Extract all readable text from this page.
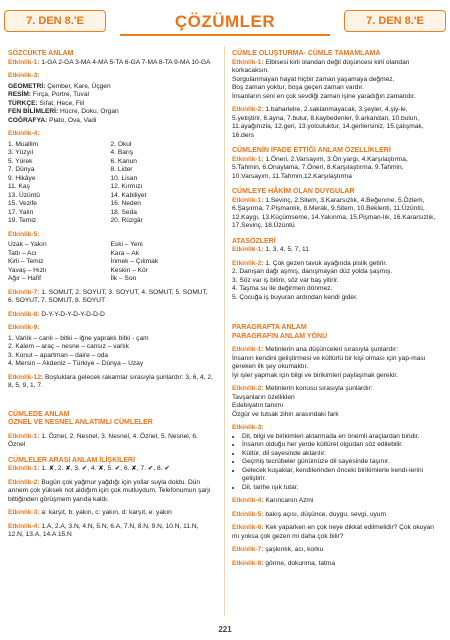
7. DEN 8.'E	ÇÖZÜMLER	7. DEN 8.'E
SÖZCÜKTE ANLAM

Etkinlik-1: 1-GA 2-GA 3-MA 4-MA 5-TA 6-GA 7-MA 8-TA 9-MA 10-GA

Etkinlik-3:

GEOMETRİ: Çember, Kare, Üçgen

RESİM: Fırça, Portre, Tuval

TÜRKÇE: Sıfat, Hece, Fiil

FEN BİLİMLERİ: Hücre, Doku, Organ

COĞRAFYA: Plato, Ova, Vadi

Etkinlik-4:

1. Muallim
3. Yüzyıl
5. Yürek
7. Dünya
9. Hikâye
11. Kaş
13. Üzüntü
15. Vezife
17. Yalın
19. Temiz
2. Okul
4. Barış
6. Kanun
8. Lider
10. Lisan
12. Kırmızı
14. Kabiliyet
16. Neden
18. Seda
20. Rüzgâr

Etkinlik-5:

Uzak – Yakın
Tatlı – Acı
Kirli – Temiz
Yavaş – Hızlı
Ağır – Hafif
Eski – Yeni
Kara – Ak
İnmek – Çıkmak
Keskin – Kör
İlk – Son

Etkinlik-7: 1. SOMUT, 2. SOYUT, 3. SOYUT, 4. SOMUT, 5. SOMUT, 6. SOYUT, 7. SOMUT, 8. SOYUT

Etkinlik-8: D-Y-Y-D-Y-D-Y-D-D-D

Etkinlik-9:

1. Varlık – canlı – bitki – iğne yapraklı bitki - çam
2. Kalem – araç – nesne – cansız – varlık
3. Konut – apartman – daire – oda
4. Mersin – Akdeniz – Türkiye – Dünya – Uzay

Etkinlik-12: Boşluklara gelecek rakamlar sırasıyla şunlardır: 3, 6, 4, 2, 8, 5, 9, 1, 7.

CÜMLEDE ANLAM
ÖZNEL VE NESNEL ANLATIMLI CÜMLELER

Etkinlik-1: 1. Öznel, 2. Nesnel, 3. Nesnel, 4. Öznel, 5. Nesnel, 6. Öznel

CÜMLELER ARASI ANLAM İLİŞKİLERİ

Etkinlik-1: 1. ✘, 2. ✘, 3. ✔, 4. ✘, 5. ✔, 6. ✘, 7. ✔, 8. ✔

Etkinlik-2: Bugün çok yağmur yağdığı için yollar suyla doldu. Dün annem çok yüksek not aldığım için çok mutluydum. Telefonumun şarjı bittiğinden görüşmem yarıda kaldı.

Etkinlik-3: a: karşıt, b: yakın, c: yakın, d: karşıt, e: yakın

Etkinlik-4: 1.A, 2.A, 3.N, 4.N, 5.N, 6.A, 7.N, 8.N, 9.N, 10.N, 11.N, 12.N, 13.A, 14.A 15.N

CÜMLE OLUŞTURMA- CÜMLE TAMAMLAMA

Etkinlik-1: Elbisesi kirli olandan değil düşüncesi kirli olandan korkacaksın.

Sorgulanmayan hayat hiçbir zaman yaşamaya değmez.

Boş zaman yoktur, boşa geçen zaman vardır.

İnsanların seni en çok sevdiği zaman işine yaradığın zamandır.

Etkinlik-2: 1.baharlelre, 2.saklanmayacak, 3.şeyler, 4.şiy-le, 5.yetiştirir, 6.ayna, 7.bulur, 8.kaybedenler, 9.arkandan, 10.bulun, 11.ayağınızla, 12.geri, 13.yolculuktur, 14.gerilersiniz, 15.çalışmak, 16.ders

CÜMLENİN İFADE ETTİĞİ ANLAM ÖZELLİKLERİ

Etkinlik-1: 1.Öneri, 2.Varsayım, 3.Ön yargı, 4.Karşılaştırma, 5.Tahmin, 6.Onaylama, 7.Öneri, 8.Karşılaştırma, 9.Tahmin, 10.Varsayım, 11.Tahmin,12.Karşılaştırma

CÜMLEYE HÂKİM OLAN DUYGULAR

Etkinlik-1: 1.Sevinç, 2.Sitem, 3.Kararsızlık, 4.Beğenme, 5.Özlem, 6.Şaşırma, 7.Pişmanlık, 8.Merak, 9.Sitem, 10.Beklenti, 11:Üzüntü, 12.Kaygı, 13.Küçümseme, 14.Yakınma, 15.Pişman-lık, 16.Kararsızlık, 17.Sevinç, 18.Üzüntü

ATASÖZLERİ

Etkinlik-1: 1, 3, 4, 5, 7, 11

Etkinlik-2: 1. Çok gezen tavuk ayağında pislik getirir.

2. Danışan dağı aşmış, danışmayan düz yolda şaşmış.
3. Söz var iş bitirir, söz var baş yitirir.
4. Taşma su ile değirmen dönmez.
5. Çocuğa iş buyuran ardından kendi gider.
PARAGRAFTA ANLAM
PARAGRAFIN ANLAM YÖNÜ

Etkinlik-1: Metinlerin ana düşünceleri sırasıyla şunlardır:

İnsanın kendini geliştirmesi ve kültürlü bir kişi olması için yap-ması gereken ilk şey okumaktır.

İyi işler yapmak için bilgi ve birikimleri paylaşmak gerekir.

Etkinlik-2: Metinlerin konusu sırasıyla şunlardır:

Tavşanların özellikleri

Edebiyatın tanımı

Özgür ve tutsak zihin arasındaki fark

Etkinlik-3:

• Dil, bilgi ve birikimleri aktarmada en önemli araçlardan biridir.
• İnsanın olduğu her yerde kültürel olgudan söz edilebilir.
• Kültür, dil sayesinde aktarılır.
• Geçmiş tecrübeler günümüze dil sayesinde taşınır.
• Gelecek kuşaklar, kendilerinden önceki birikimlerle kendi-lerini geliştirir.
• Dil, tarihe ışık tutar.

Etkinlik-4: Karıncanın Azmi

Etkinlik-5: bakış açısı, düşünce, duygu, sevgi, uyum

Etkinlik-6: Kek yaparken en çok neye dikkat edilmelidir? Çok okuyan mı yoksa çok gezen mi daha çok bilir?

Etkinlik-7: şaşkınlık, acı, korku

Etkinlik-8: görme, dokunma, tatma

221
